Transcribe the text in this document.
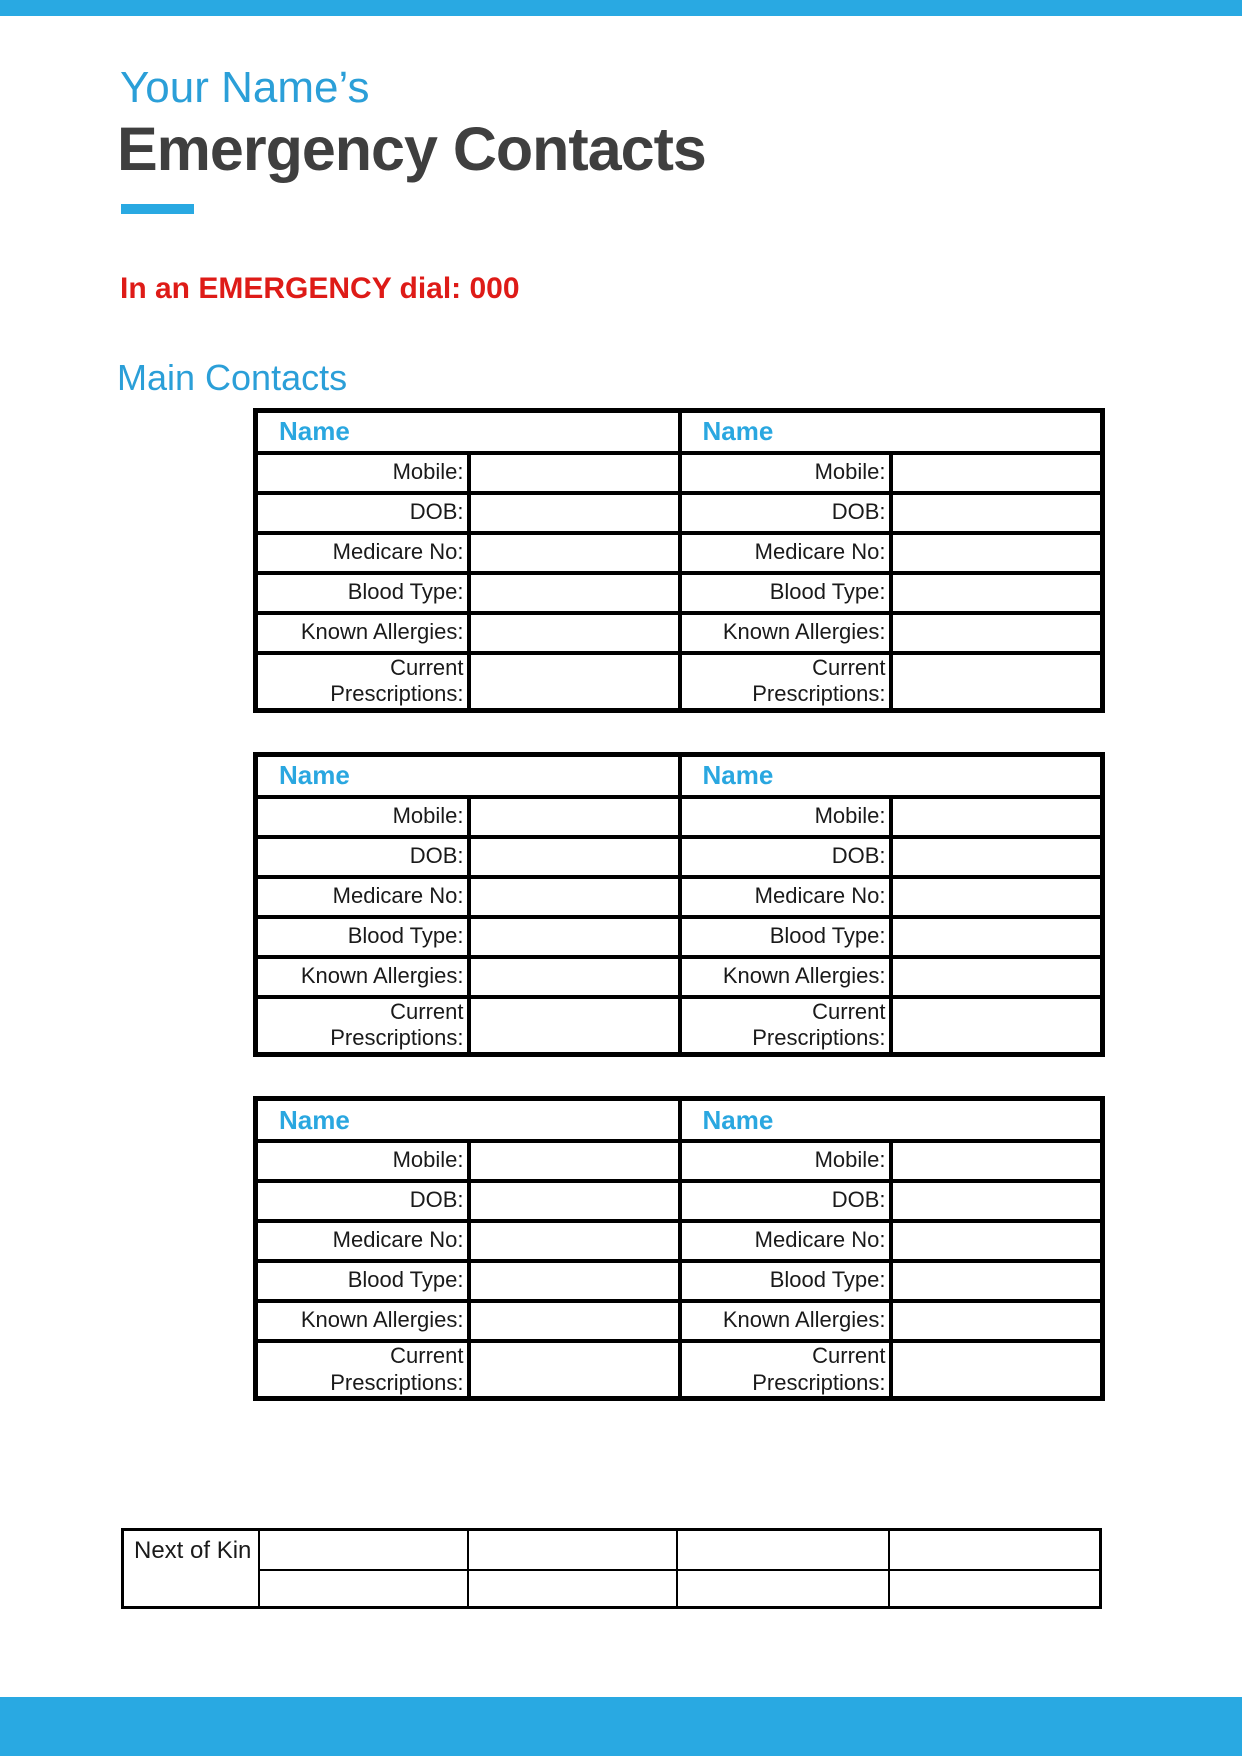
Your Name’s
Emergency Contacts
In an EMERGENCY dial: 000
Main Contacts
Name		Name	
Mobile:		Mobile:	
DOB:		DOB:	
Medicare No:		Medicare No:	
Blood Type:		Blood Type:	
Known Allergies:		Known Allergies:	
Current Prescriptions:		Current Prescriptions:	
Name		Name	
Mobile:		Mobile:	
DOB:		DOB:	
Medicare No:		Medicare No:	
Blood Type:		Blood Type:	
Known Allergies:		Known Allergies:	
Current Prescriptions:		Current Prescriptions:	
Name		Name	
Mobile:		Mobile:	
DOB:		DOB:	
Medicare No:		Medicare No:	
Blood Type:		Blood Type:	
Known Allergies:		Known Allergies:	
Current Prescriptions:		Current Prescriptions:	
Next of Kin				
